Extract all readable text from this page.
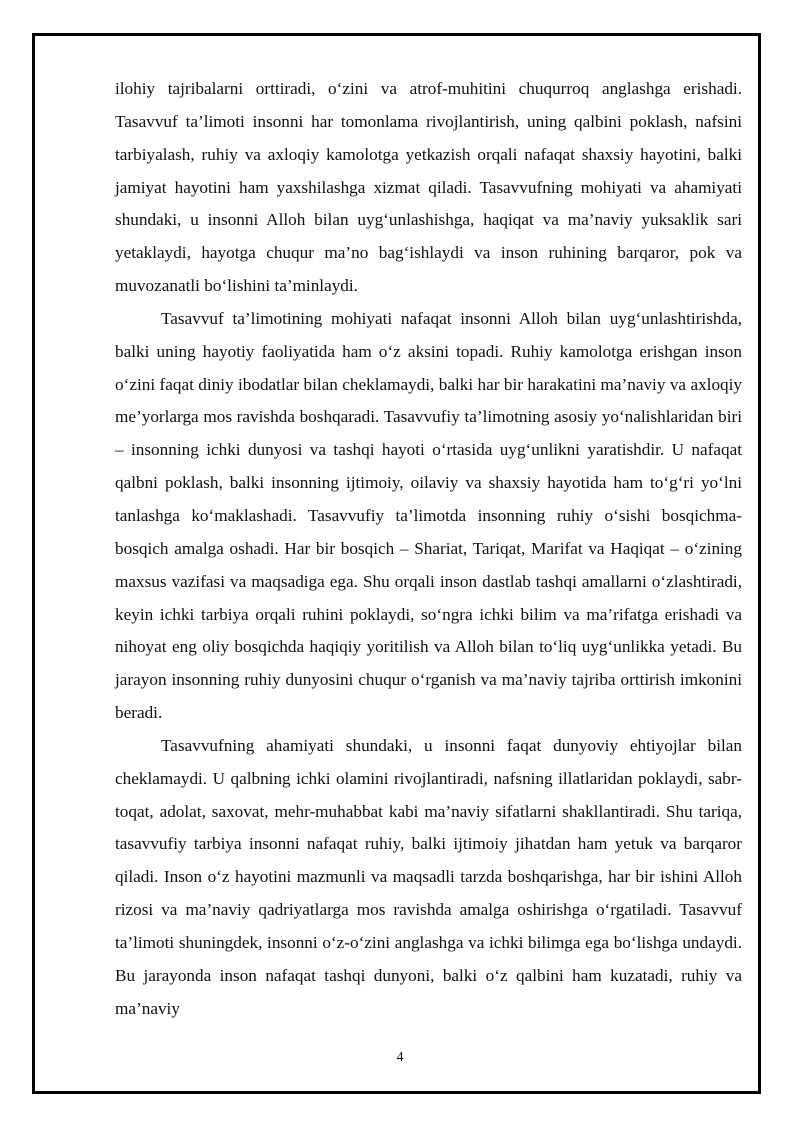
ilohiy tajribalarni orttiradi, o‘zini va atrof-muhitini chuqurroq anglashga erishadi. Tasavvuf ta’limoti insonni har tomonlama rivojlantirish, uning qalbini poklash, nafsini tarbiyalash, ruhiy va axloqiy kamolotga yetkazish orqali nafaqat shaxsiy hayotini, balki jamiyat hayotini ham yaxshilashga xizmat qiladi. Tasavvufning mohiyati va ahamiyati shundaki, u insonni Alloh bilan uyg‘unlashishga, haqiqat va ma’naviy yuksaklik sari yetaklaydi, hayotga chuqur ma’no bag‘ishlaydi va inson ruhining barqaror, pok va muvozanatli bo‘lishini ta’minlaydi.

Tasavvuf ta’limotining mohiyati nafaqat insonni Alloh bilan uyg‘unlashtirishda, balki uning hayotiy faoliyatida ham o‘z aksini topadi. Ruhiy kamolotga erishgan inson o‘zini faqat diniy ibodatlar bilan cheklamaydi, balki har bir harakatini ma’naviy va axloqiy me’yorlarga mos ravishda boshqaradi. Tasavvufiy ta’limotning asosiy yo‘nalishlaridan biri – insonning ichki dunyosi va tashqi hayoti o‘rtasida uyg‘unlikni yaratishdir. U nafaqat qalbni poklash, balki insonning ijtimoiy, oilaviy va shaxsiy hayotida ham to‘g‘ri yo‘lni tanlashga ko‘maklashadi. Tasavvufiy ta’limotda insonning ruhiy o‘sishi bosqichma-bosqich amalga oshadi. Har bir bosqich – Shariat, Tariqat, Marifat va Haqiqat – o‘zining maxsus vazifasi va maqsadiga ega. Shu orqali inson dastlab tashqi amallarni o‘zlashtiradi, keyin ichki tarbiya orqali ruhini poklaydi, so‘ngra ichki bilim va ma’rifatga erishadi va nihoyat eng oliy bosqichda haqiqiy yoritilish va Alloh bilan to‘liq uyg‘unlikka yetadi. Bu jarayon insonning ruhiy dunyosini chuqur o‘rganish va ma’naviy tajriba orttirish imkonini beradi.

Tasavvufning ahamiyati shundaki, u insonni faqat dunyoviy ehtiyojlar bilan cheklamaydi. U qalbning ichki olamini rivojlantiradi, nafsning illatlaridan poklaydi, sabr-toqat, adolat, saxovat, mehr-muhabbat kabi ma’naviy sifatlarni shakllantiradi. Shu tariqa, tasavvufiy tarbiya insonni nafaqat ruhiy, balki ijtimoiy jihatdan ham yetuk va barqaror qiladi. Inson o‘z hayotini mazmunli va maqsadli tarzda boshqarishga, har bir ishini Alloh rizosi va ma’naviy qadriyatlarga mos ravishda amalga oshirishga o‘rgatiladi. Tasavvuf ta’limoti shuningdek, insonni o‘z-o‘zini anglashga va ichki bilimga ega bo‘lishga undaydi. Bu jarayonda inson nafaqat tashqi dunyoni, balki o‘z qalbini ham kuzatadi, ruhiy va ma’naviy

4
